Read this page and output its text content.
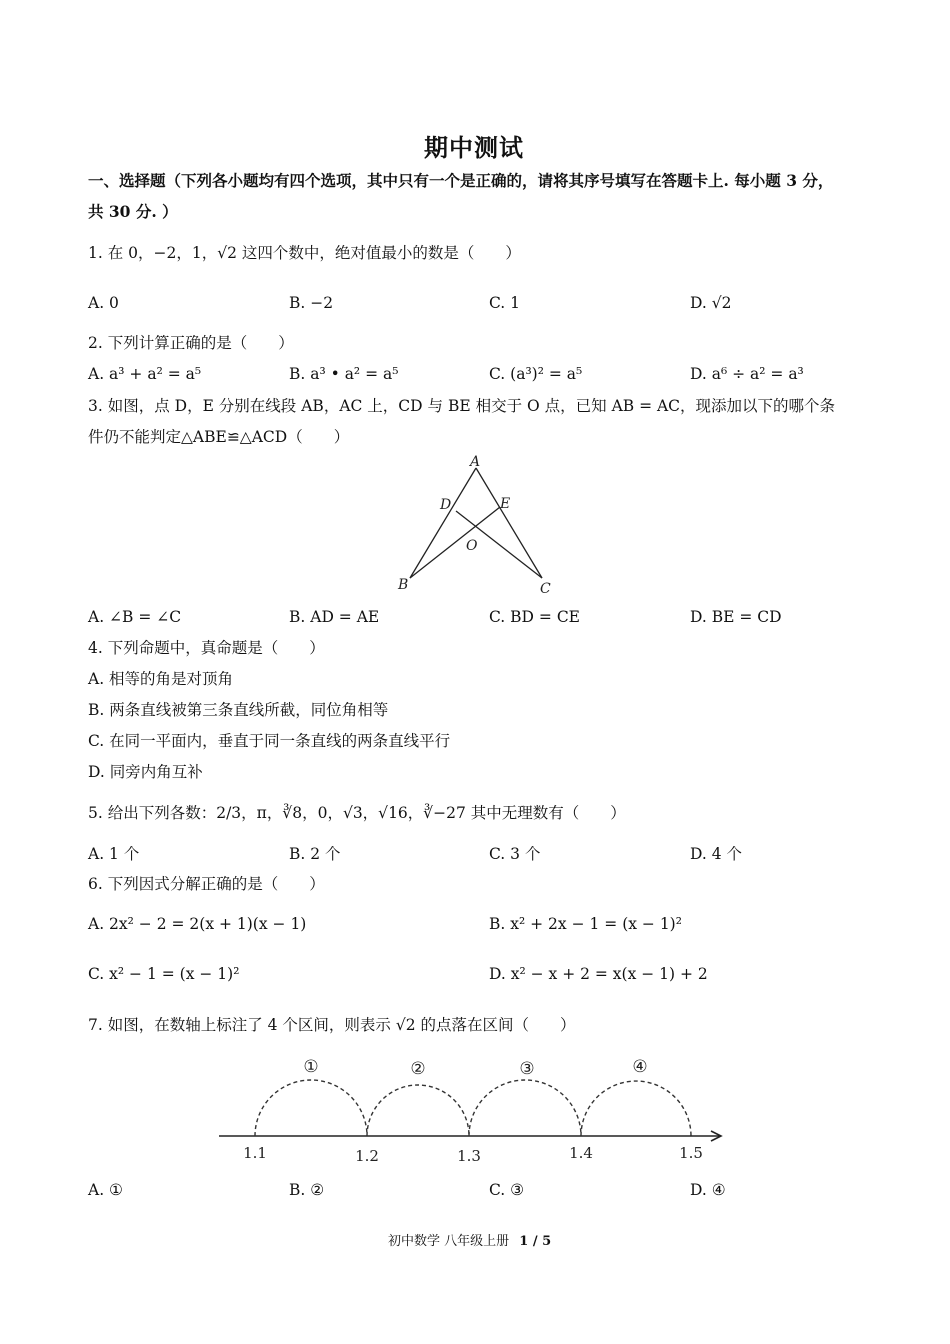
期中测试
一、选择题（下列各小题均有四个选项，其中只有一个是正确的，请将其序号填写在答题卡上. 每小题 3 分，
共 30 分. ）
1. 在 0，−2，1，√2 这四个数中，绝对值最小的数是（　　）
A. 0	B. −2	C. 1	D. √2
2. 下列计算正确的是（　　）
A. a³ + a² = a⁵	B. a³ • a² = a⁵	C. (a³)² = a⁵	D. a⁶ ÷ a² = a³
3. 如图，点 D，E 分别在线段 AB，AC 上，CD 与 BE 相交于 O 点，已知 AB = AC，现添加以下的哪个条
件仍不能判定△ABE≌△ACD（　　）
A
D	E
O
B	C
A. ∠B = ∠C	B. AD = AE	C. BD = CE	D. BE = CD
4. 下列命题中，真命题是（　　）
A. 相等的角是对顶角
B. 两条直线被第三条直线所截，同位角相等
C. 在同一平面内，垂直于同一条直线的两条直线平行
D. 同旁内角互补
5. 给出下列各数：2/3，π，∛8，0，√3，√16，∛−27 其中无理数有（　　）
A. 1 个	B. 2 个	C. 3 个	D. 4 个
6. 下列因式分解正确的是（　　）
A. 2x² − 2 = 2(x + 1)(x − 1)	B. x² + 2x − 1 = (x − 1)²
C. x² − 1 = (x − 1)²	D. x² − x + 2 = x(x − 1) + 2
7. 如图，在数轴上标注了 4 个区间，则表示 √2 的点落在区间（　　）
①	②	③	④
1.1	1.2	1.3	1.4	1.5
A. ①	B. ②	C. ③	D. ④
初中数学 八年级上册 1 / 5
